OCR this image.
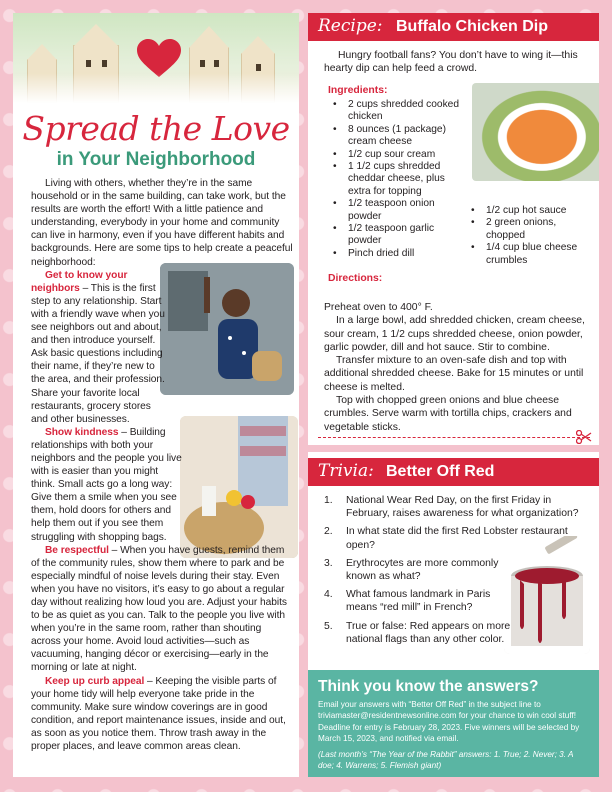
Spread the Love
in Your Neighborhood

Living with others, whether they’re in the same household or in the same building, can take work, but the results are worth the effort! With a little patience and understanding, everybody in your home and community can live in harmony, even if you have different habits and backgrounds. Here are some tips to help create a peaceful neighborhood:

Get to know your neighbors – This is the first step to any relationship. Start with a friendly wave when you see neighbors out and about, and then introduce yourself. Ask basic questions including their name, if they’re new to the area, and their profession. Share your favorite local restaurants, grocery stores and other businesses.

Show kindness – Building relationships with both your neighbors and the people you live with is easier than you might think. Small acts go a long way: Give them a smile when you see them, hold doors for others and help them out if you see them struggling with shopping bags.

Be respectful – When you have guests, remind them of the community rules, show them where to park and be especially mindful of noise levels during their stay. Even when you have no visitors, it’s easy to go about a regular day without realizing how loud you are. Adjust your habits to be as quiet as you can. Talk to the people you live with when you’re in the same room, rather than shouting across your home. Avoid loud activities—such as vacuuming, hanging décor or exercising—early in the morning or late at night.

Keep up curb appeal – Keeping the visible parts of your home tidy will help everyone take pride in the community. Make sure window coverings are in good condition, and report maintenance issues, inside and out, as soon as you notice them. Throw trash away in the proper places, and leave common areas clean.

Recipe: Buffalo Chicken Dip
Hungry football fans? You don’t have to wing it—this hearty dip can help feed a crowd.
Ingredients:
• 2 cups shredded cooked chicken
• 8 ounces (1 package) cream cheese
• 1/2 cup sour cream
• 1 1/2 cups shredded cheddar cheese, plus extra for topping
• 1/2 teaspoon onion powder
• 1/2 teaspoon garlic powder
• Pinch dried dill
• 1/2 cup hot sauce
• 2 green onions, chopped
• 1/4 cup blue cheese crumbles
Directions:

Preheat oven to 400° F.

In a large bowl, add shredded chicken, cream cheese, sour cream, 1 1/2 cups shredded cheese, onion powder, garlic powder, dill and hot sauce. Stir to combine.

Transfer mixture to an oven-safe dish and top with additional shredded cheese. Bake for 15 minutes or until cheese is melted.

Top with chopped green onions and blue cheese crumbles. Serve warm with tortilla chips, crackers and vegetable sticks.

Trivia: Better Off Red
1. National Wear Red Day, on the first Friday in February, raises awareness for what organization?
2. In what state did the first Red Lobster restaurant open?
3. Erythrocytes are more commonly known as what?
4. What famous landmark in Paris means “red mill” in French?
5. True or false: Red appears on more national flags than any other color.
Think you know the answers?
Email your answers with “Better Off Red” in the subject line to triviamaster@residentnewsonline.com for your chance to win cool stuff! Deadline for entry is February 28, 2023. Five winners will be selected by March 15, 2023, and notified via email.
(Last month’s “The Year of the Rabbit” answers: 1. True; 2. Never; 3. A doe; 4. Warrens; 5. Flemish giant)
